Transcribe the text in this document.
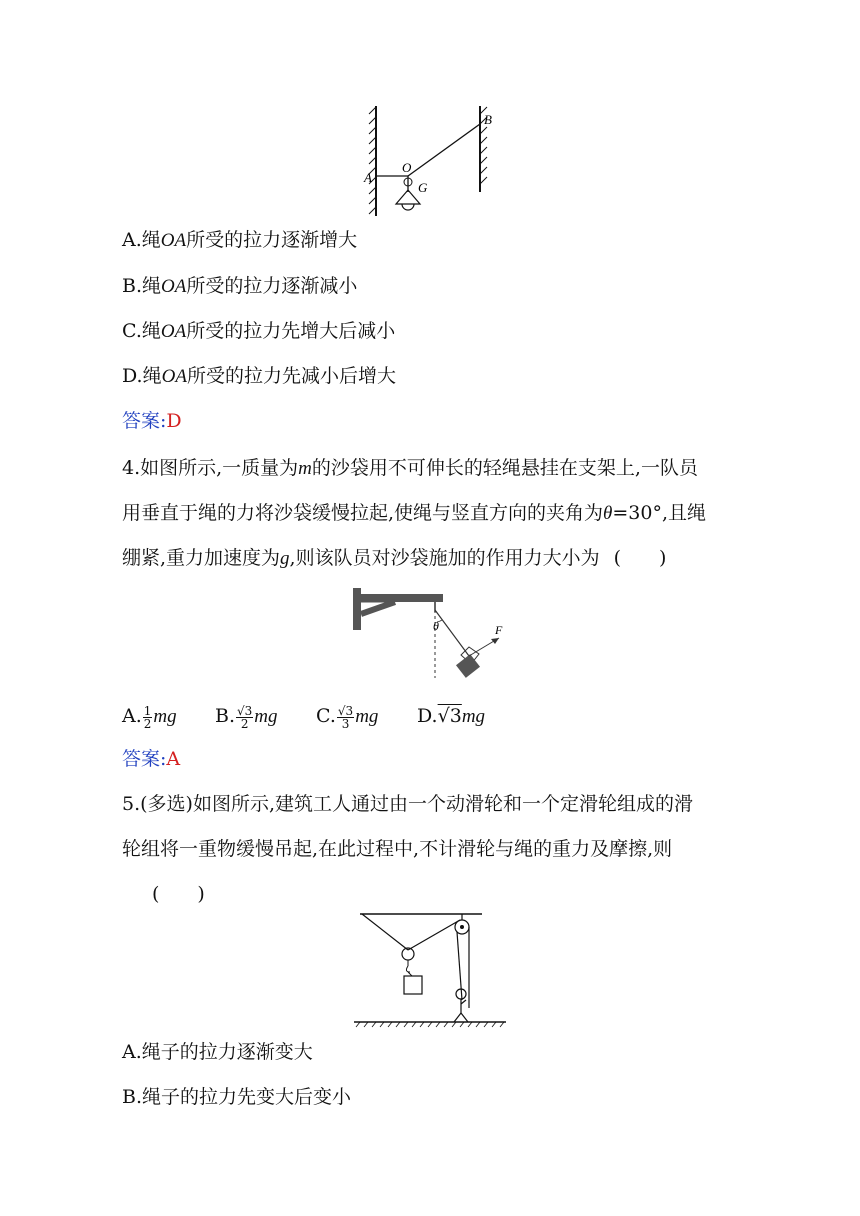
A
O
G
B
A.绳OA所受的拉力逐渐增大
B.绳OA所受的拉力逐渐减小
C.绳OA所受的拉力先增大后减小
D.绳OA所受的拉力先减小后增大
答案:D
4.如图所示,一质量为m的沙袋用不可伸长的轻绳悬挂在支架上,一队员
用垂直于绳的力将沙袋缓慢拉起,使绳与竖直方向的夹角为θ=30°,且绳
绷紧,重力加速度为g,则该队员对沙袋施加的作用力大小为 (　　)
θ	F
A. $\frac{1}{2}$ mg B. $\frac{√3}{2}$ mg C. $\frac{√3}{3}$ mg D.√3mg
答案:A
5.(多选)如图所示,建筑工人通过由一个动滑轮和一个定滑轮组成的滑
轮组将一重物缓慢吊起,在此过程中,不计滑轮与绳的重力及摩擦,则
(　　)
A.绳子的拉力逐渐变大
B.绳子的拉力先变大后变小
